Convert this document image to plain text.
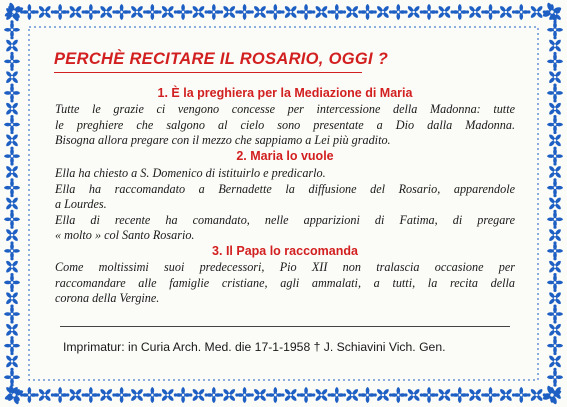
PERCHÈ RECITARE IL ROSARIO, OGGI ?
1. È la preghiera per la Mediazione di Maria
Tutte le grazie ci vengono concesse per intercessione della Madonna: tutte
le preghiere che salgono al cielo sono presentate a Dio dalla Madonna.
Bisogna allora pregare con il mezzo che sappiamo a Lei più gradito.
2. Maria lo vuole
Ella ha chiesto a S. Domenico di istituirlo e predicarlo.
Ella ha raccomandato a Bernadette la diffusione del Rosario, apparendole
a Lourdes.
Ella di recente ha comandato, nelle apparizioni di Fatima, di pregare
« molto » col Santo Rosario.
3. Il Papa lo raccomanda
Come moltissimi suoi predecessori, Pio XII non tralascia occasione per
raccomandare alle famiglie cristiane, agli ammalati, a tutti, la recita della
corona della Vergine.
Imprimatur: in Curia Arch. Med. die 17-1-1958 † J. Schiavini Vich. Gen.
